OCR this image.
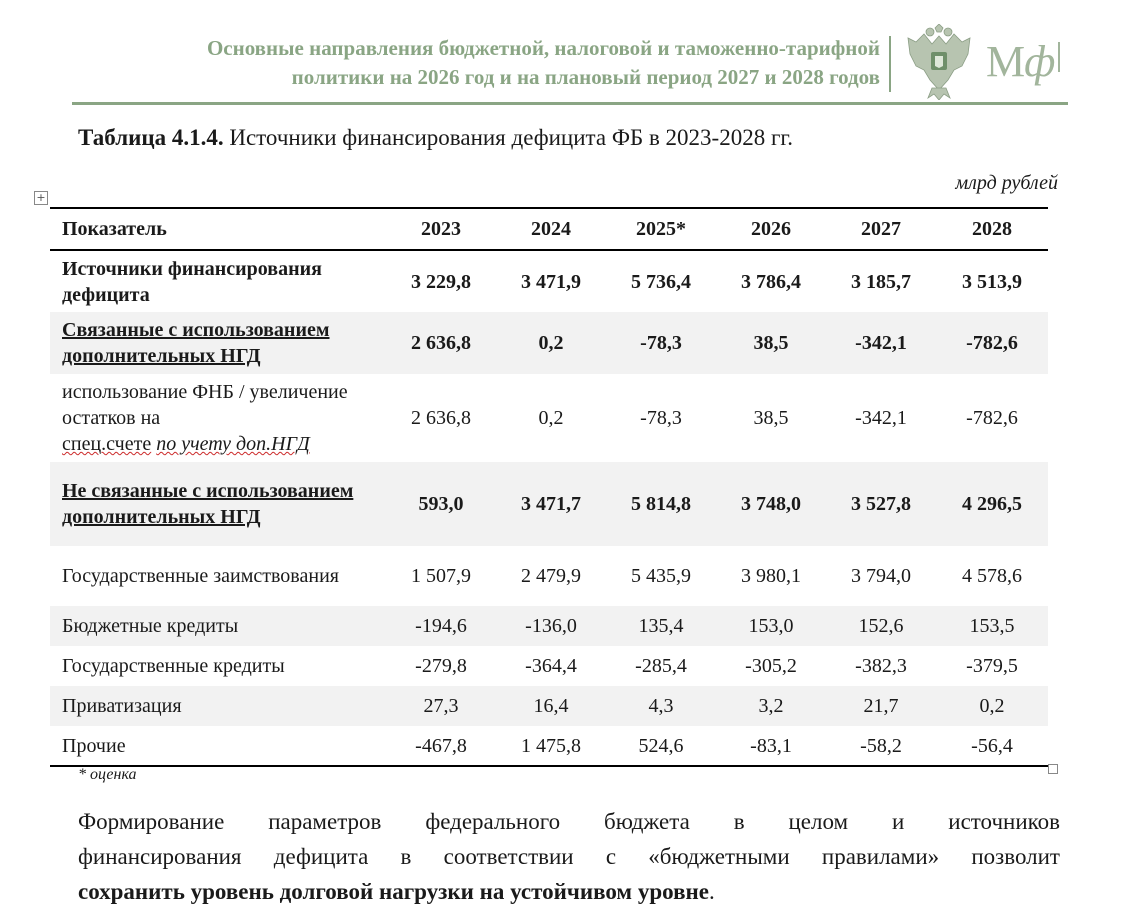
Основные направления бюджетной, налоговой и таможенно-тарифной
политики на 2026 год и на плановый период 2027 и 2028 годов Мф
Таблица 4.1.4. Источники финансирования дефицита ФБ в 2023-2028 гг.
+
млрд рублей
Показатель	2023	2024	2025*	2026	2027	2028
Источники финансирования дефицита	3 229,8	3 471,9	5 736,4	3 786,4	3 185,7	3 513,9
Связанные с использованием дополнительных НГД	2 636,8	0,2	-78,3	38,5	-342,1	-782,6
использование ФНБ / увеличение остатков на
спец.счете по учету доп.НГД	2 636,8	0,2	-78,3	38,5	-342,1	-782,6
Не связанные с использованием дополнительных НГД	593,0	3 471,7	5 814,8	3 748,0	3 527,8	4 296,5
Государственные заимствования	1 507,9	2 479,9	5 435,9	3 980,1	3 794,0	4 578,6
Бюджетные кредиты	-194,6	-136,0	135,4	153,0	152,6	153,5
Государственные кредиты	-279,8	-364,4	-285,4	-305,2	-382,3	-379,5
Приватизация	27,3	16,4	4,3	3,2	21,7	0,2
Прочие	-467,8	1 475,8	524,6	-83,1	-58,2	-56,4
* оценка
Формирование параметров федерального бюджета в целом и источников
финансирования дефицита в соответствии с «бюджетными правилами» позволит
сохранить уровень долговой нагрузки на устойчивом уровне.
